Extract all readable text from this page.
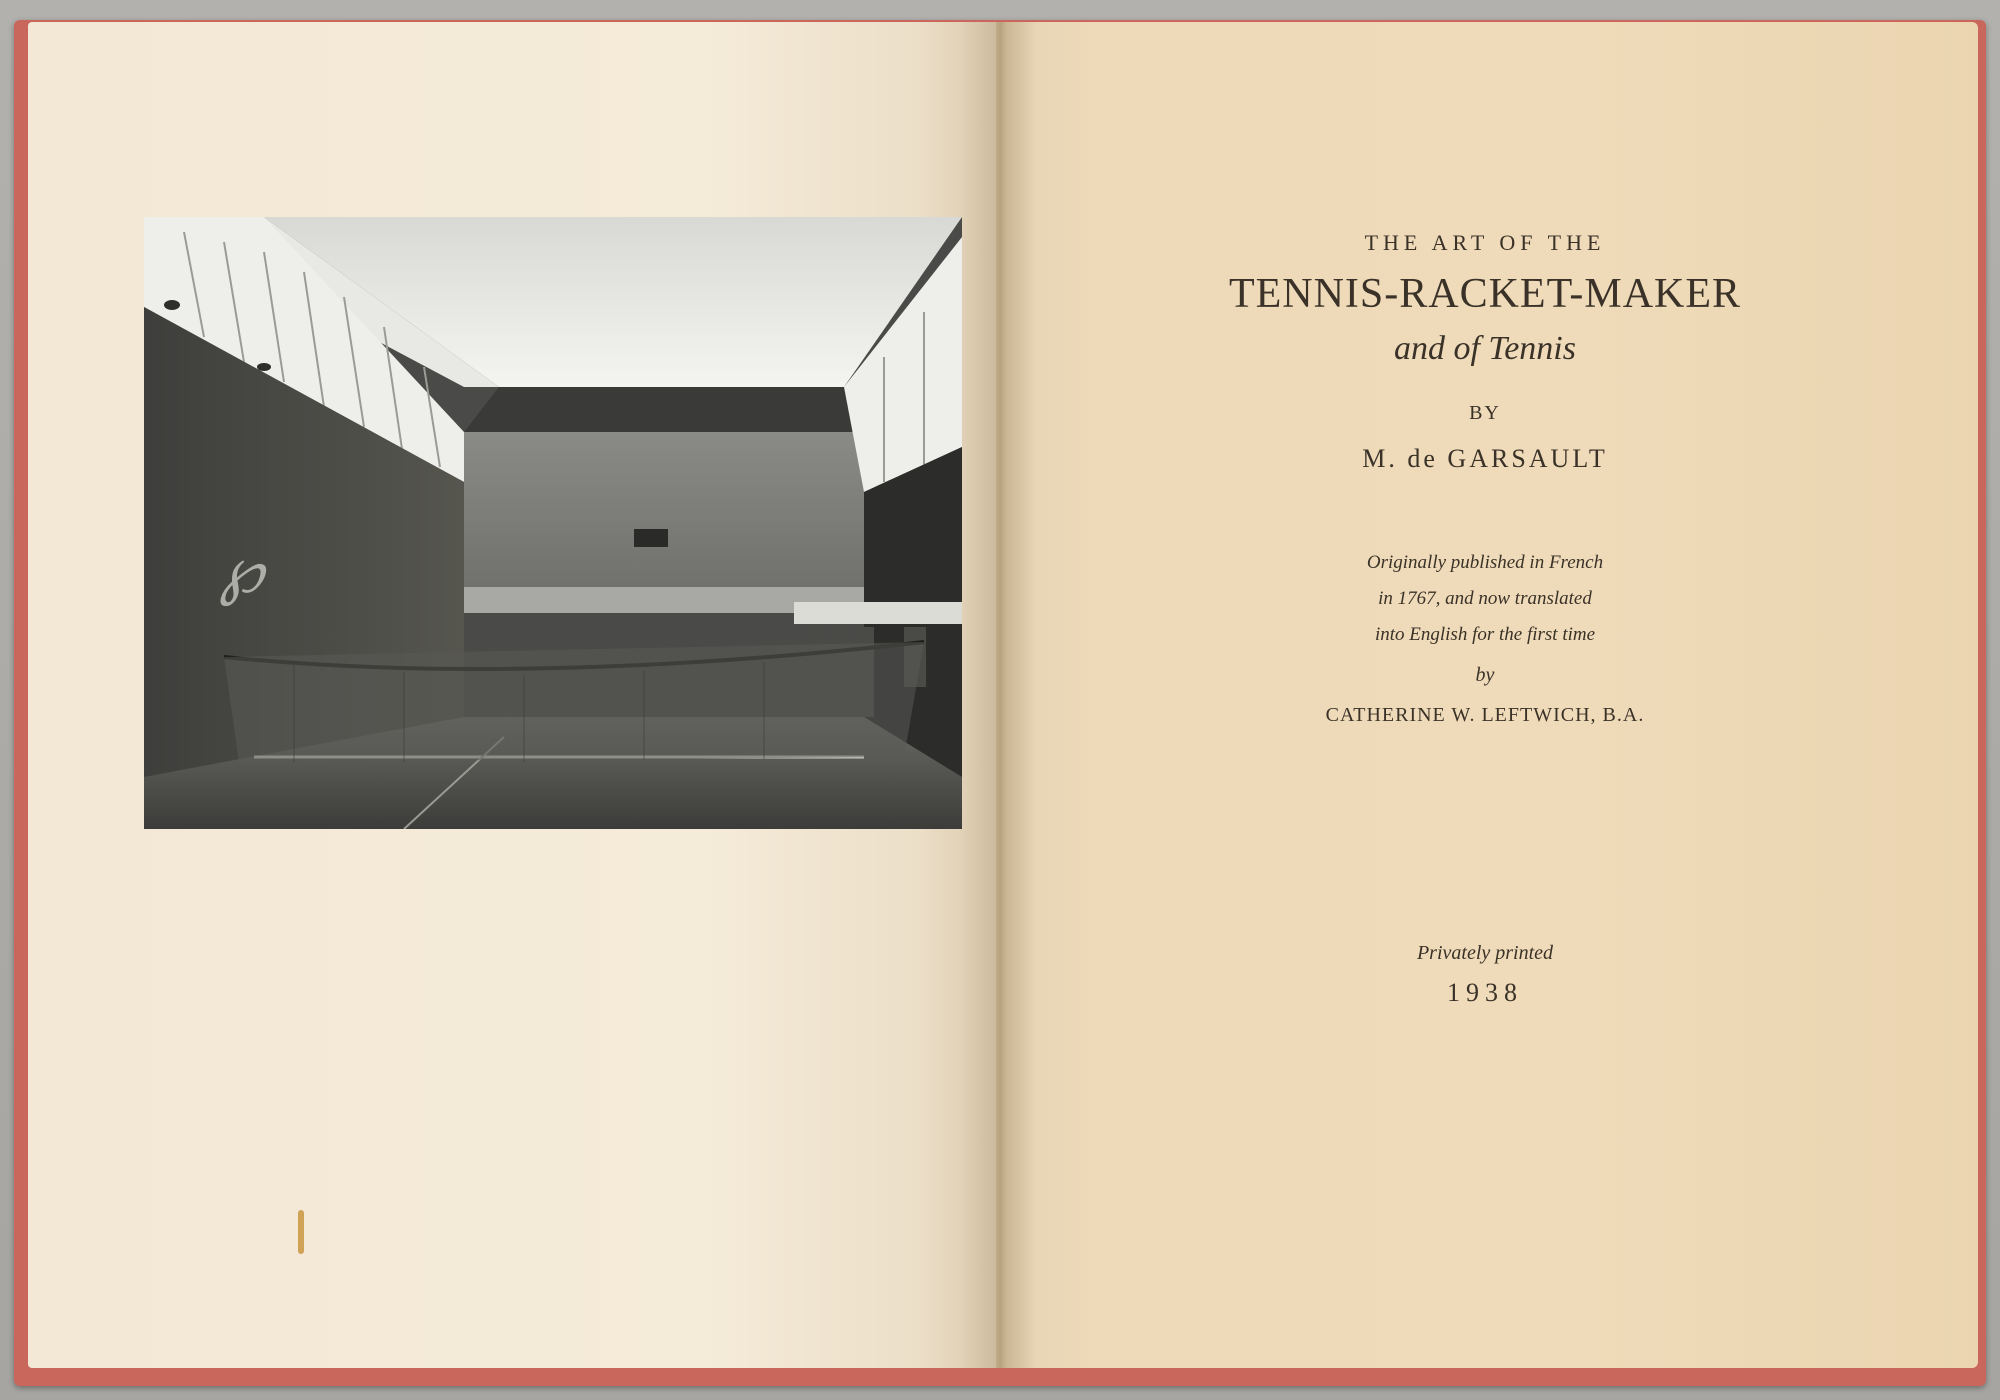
℘
THE ART OF THE
TENNIS-RACKET-MAKER
and of Tennis
BY
M. de GARSAULT
Originally published in French
in 1767, and now translated
into English for the first time
by
CATHERINE W. LEFTWICH, B.A.
Privately printed
1938
